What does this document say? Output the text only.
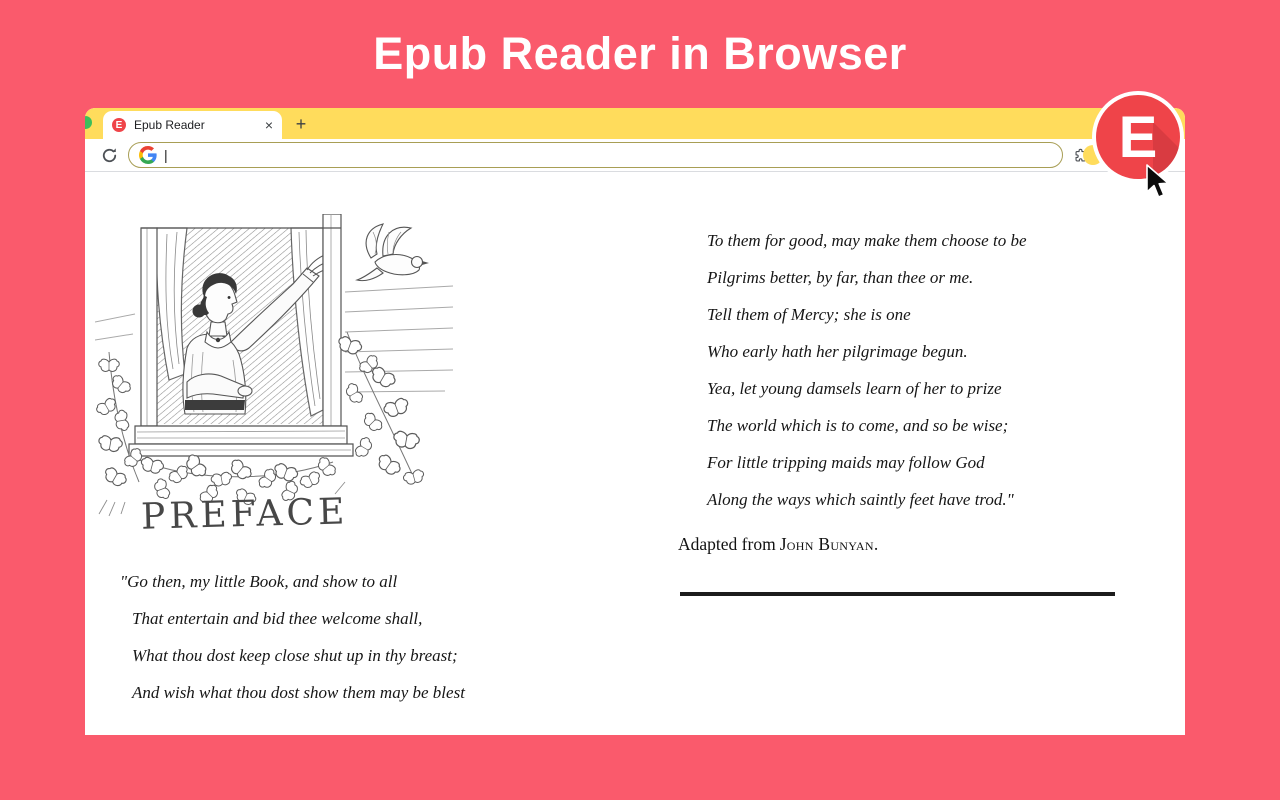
Epub Reader in Browser
E Epub Reader	×	+
|
PREFACE
"Go then, my little Book, and show to all
That entertain and bid thee welcome shall,
What thou dost keep close shut up in thy breast;
And wish what thou dost show them may be blest
To them for good, may make them choose to be
Pilgrims better, by far, than thee or me.
Tell them of Mercy; she is one
Who early hath her pilgrimage begun.
Yea, let young damsels learn of her to prize
The world which is to come, and so be wise;
For little tripping maids may follow God
Along the ways which saintly feet have trod."

Adapted from John Bunyan.

E
